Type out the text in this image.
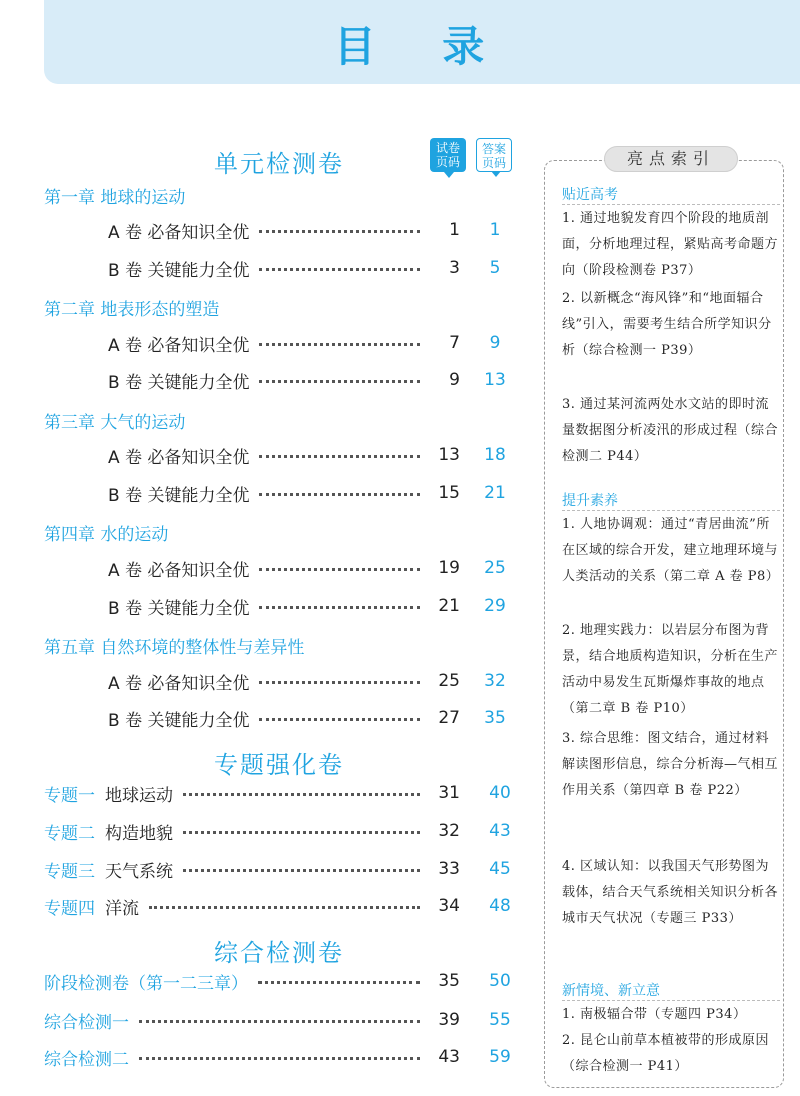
目 录
单元检测卷
试卷
页码
答案
页码
第一章 地球的运动
A 卷 必备知识全优	1	1
B 卷 关键能力全优	3	5
第二章 地表形态的塑造
A 卷 必备知识全优	7	9
B 卷 关键能力全优	9	13
第三章 大气的运动
A 卷 必备知识全优	13	18
B 卷 关键能力全优	15	21
第四章 水的运动
A 卷 必备知识全优	19	25
B 卷 关键能力全优	21	29
第五章 自然环境的整体性与差异性
A 卷 必备知识全优	25	32
B 卷 关键能力全优	27	35
专题强化卷
专题一 地球运动	31	40
专题二 构造地貌	32	43
专题三 天气系统	33	45
专题四 洋流	34	48
综合检测卷
阶段检测卷（第一二三章）	35	50
综合检测一	39	55
综合检测二	43	59
亮点索引
贴近高考
1. 通过地貌发育四个阶段的地质剖面，分析地理过程，紧贴高考命题方向（阶段检测卷 P37）
2. 以新概念“海风锋”和“地面辐合线”引入，需要考生结合所学知识分析（综合检测一 P39）
3. 通过某河流两处水文站的即时流量数据图分析凌汛的形成过程（综合检测二 P44）
提升素养
1. 人地协调观：通过“青居曲流”所在区域的综合开发，建立地理环境与人类活动的关系（第二章 A 卷 P8）
2. 地理实践力：以岩层分布图为背景，结合地质构造知识，分析在生产活动中易发生瓦斯爆炸事故的地点（第二章 B 卷 P10）
3. 综合思维：图文结合，通过材料解读图形信息，综合分析海—气相互作用关系（第四章 B 卷 P22）
4. 区域认知：以我国天气形势图为载体，结合天气系统相关知识分析各城市天气状况（专题三 P33）
新情境、新立意
1. 南极辐合带（专题四 P34）
2. 昆仑山前草本植被带的形成原因（综合检测一 P41）
